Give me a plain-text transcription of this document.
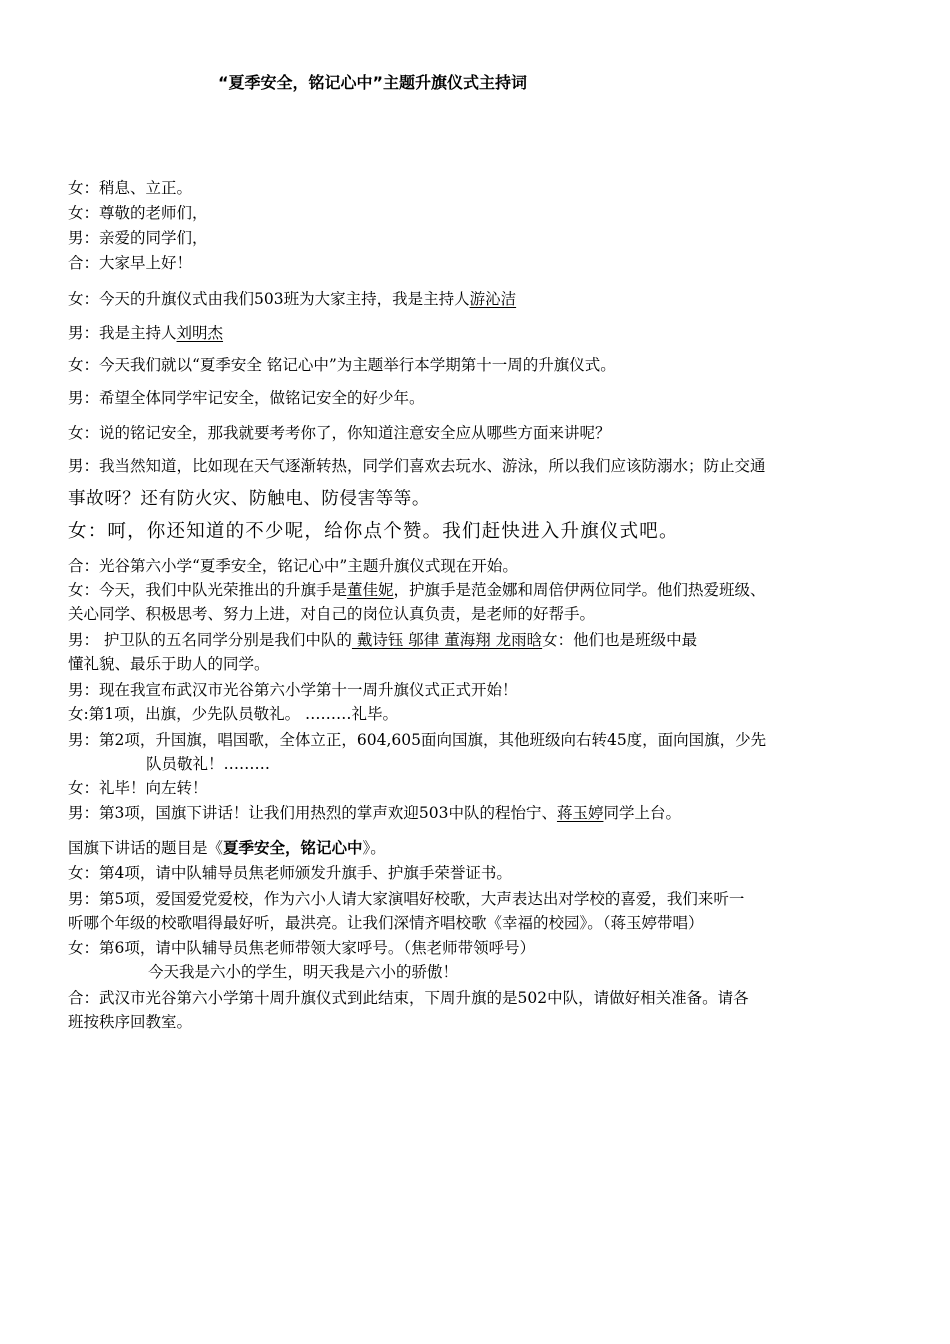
“夏季安全，铭记心中”主题升旗仪式主持词
女：稍息、立正。
女：尊敬的老师们，
男：亲爱的同学们，
合：大家早上好！
女：今天的升旗仪式由我们503班为大家主持，我是主持人游沁洁
男：我是主持人刘明杰
女：今天我们就以“夏季安全 铭记心中”为主题举行本学期第十一周的升旗仪式。
男：希望全体同学牢记安全，做铭记安全的好少年。
女：说的铭记安全，那我就要考考你了，你知道注意安全应从哪些方面来讲呢？
男：我当然知道，比如现在天气逐渐转热，同学们喜欢去玩水、游泳，所以我们应该防溺水；防止交通
事故呀？还有防火灾、防触电、防侵害等等。
女：呵，你还知道的不少呢，给你点个赞。我们赶快进入升旗仪式吧。
合：光谷第六小学“夏季安全，铭记心中”主题升旗仪式现在开始。
女：今天，我们中队光荣推出的升旗手是董佳妮，护旗手是范金娜和周倍伊两位同学。他们热爱班级、
关心同学、积极思考、努力上进，对自己的岗位认真负责，是老师的好帮手。
男： 护卫队的五名同学分别是我们中队的 戴诗钰 邬律 董海翔 龙雨晗女：他们也是班级中最
懂礼貌、最乐于助人的同学。
男：现在我宣布武汉市光谷第六小学第十一周升旗仪式正式开始！
女:第1项，出旗，少先队员敬礼。 ………礼毕。
男：第2项，升国旗，唱国歌，全体立正，604,605面向国旗，其他班级向右转45度，面向国旗，少先
队员敬礼！………
女：礼毕！向左转！
男：第3项，国旗下讲话！让我们用热烈的掌声欢迎503中队的程怡宁、蒋玉婷同学上台。
国旗下讲话的题目是《夏季安全，铭记心中》。
女：第4项，请中队辅导员焦老师颁发升旗手、护旗手荣誉证书。
男：第5项，爱国爱党爱校，作为六小人请大家演唱好校歌，大声表达出对学校的喜爱，我们来听一
听哪个年级的校歌唱得最好听，最洪亮。让我们深情齐唱校歌《幸福的校园》。（蒋玉婷带唱）
女：第6项，请中队辅导员焦老师带领大家呼号。（焦老师带领呼号）
今天我是六小的学生，明天我是六小的骄傲！
合：武汉市光谷第六小学第十周升旗仪式到此结束，下周升旗的是502中队，请做好相关准备。请各
班按秩序回教室。
